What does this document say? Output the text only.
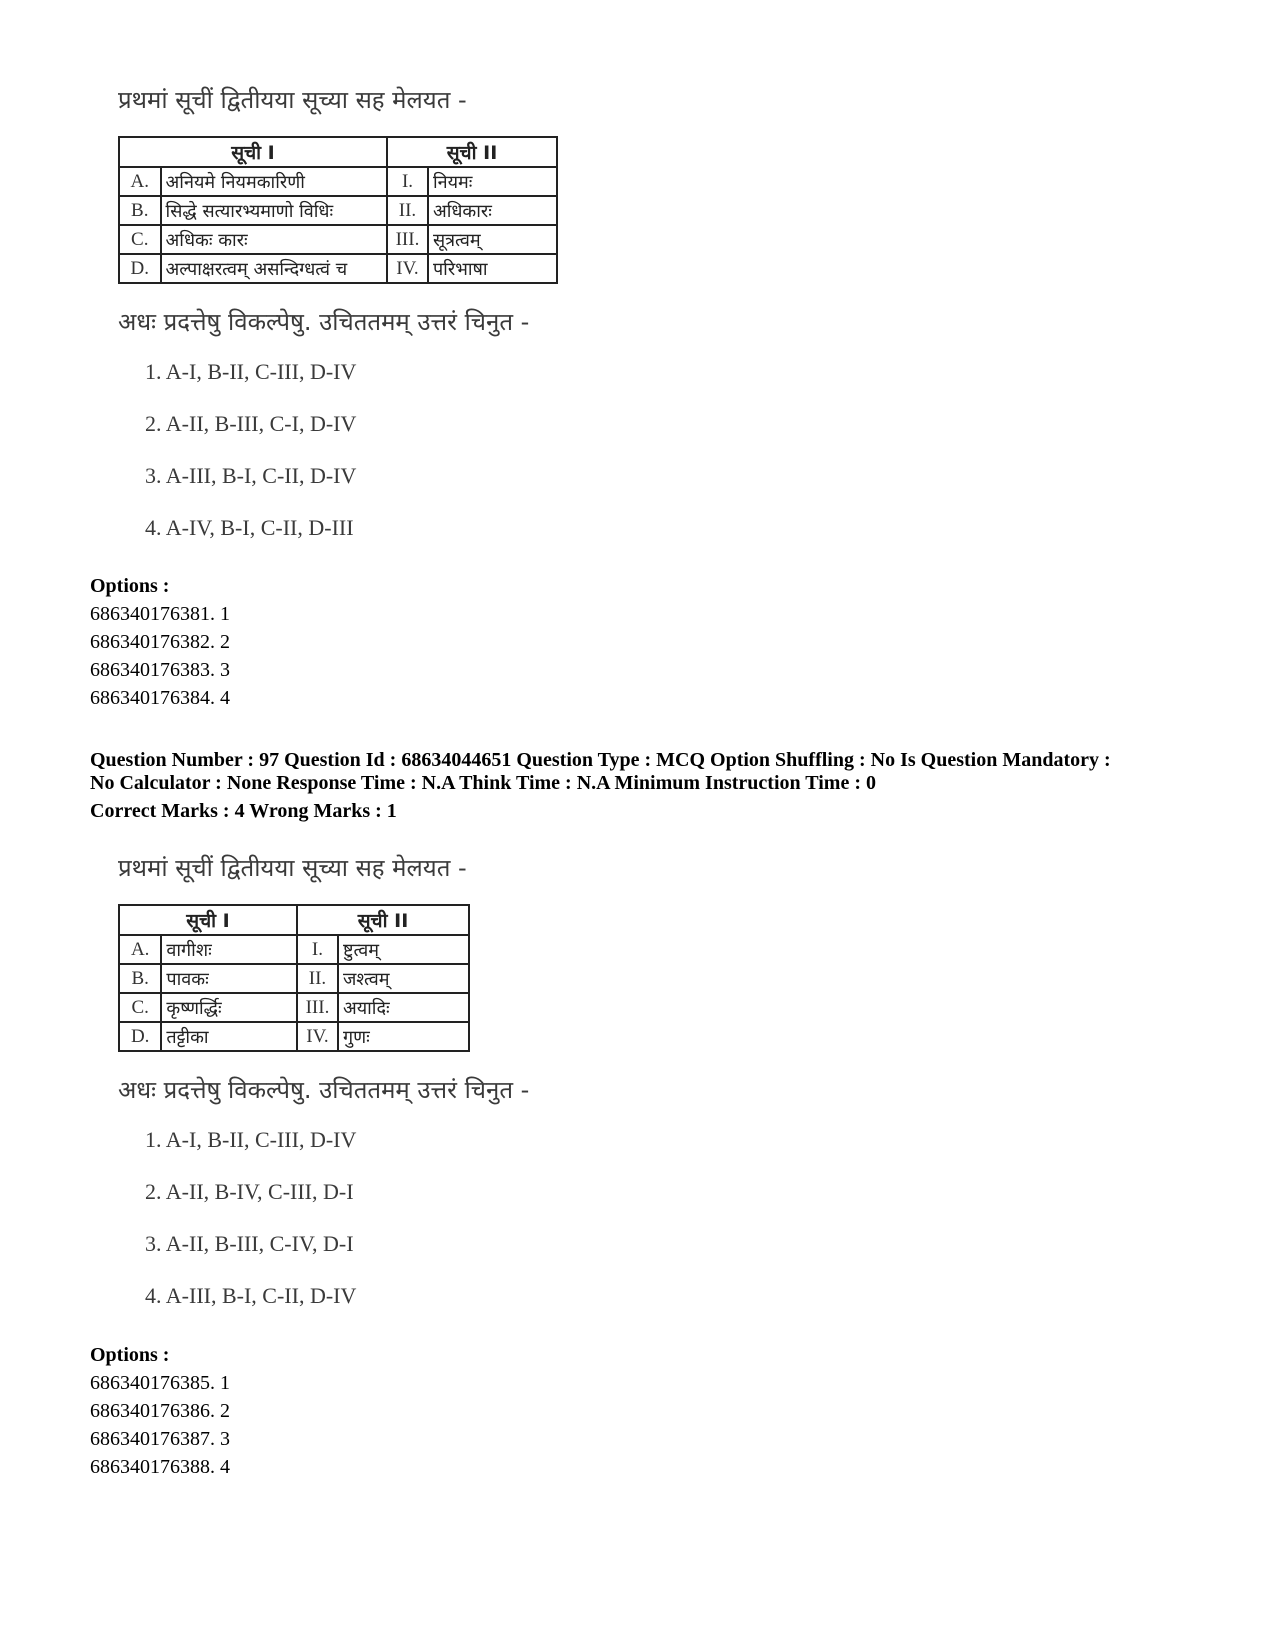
प्रथमां सूचीं द्वितीयया सूच्या सह मेलयत -

सूची I		सूची II	
A.	अनियमे नियमकारिणी	I.	नियमः
B.	सिद्धे सत्यारभ्यमाणो विधिः	II.	अधिकारः
C.	अधिकः कारः	III.	सूत्रत्वम्
D.	अल्पाक्षरत्वम् असन्दिग्धत्वं च	IV.	परिभाषा

अधः प्रदत्तेषु विकल्पेषु. उचिततमम् उत्तरं चिनुत -

1. A-I, B-II, C-III, D-IV
2. A-II, B-III, C-I, D-IV
3. A-III, B-I, C-II, D-IV
4. A-IV, B-I, C-II, D-III
Options :
686340176381. 1
686340176382. 2
686340176383. 3
686340176384. 4
Question Number : 97 Question Id : 68634044651 Question Type : MCQ Option Shuffling : No Is Question Mandatory :
No Calculator : None Response Time : N.A Think Time : N.A Minimum Instruction Time : 0
Correct Marks : 4 Wrong Marks : 1

प्रथमां सूचीं द्वितीयया सूच्या सह मेलयत -

सूची I		सूची II	
A.	वागीशः	I.	ष्टुत्वम्
B.	पावकः	II.	जश्त्वम्
C.	कृष्णर्द्धिः	III.	अयादिः
D.	तट्टीका	IV.	गुणः

अधः प्रदत्तेषु विकल्पेषु. उचिततमम् उत्तरं चिनुत -

1. A-I, B-II, C-III, D-IV
2. A-II, B-IV, C-III, D-I
3. A-II, B-III, C-IV, D-I
4. A-III, B-I, C-II, D-IV
Options :
686340176385. 1
686340176386. 2
686340176387. 3
686340176388. 4
